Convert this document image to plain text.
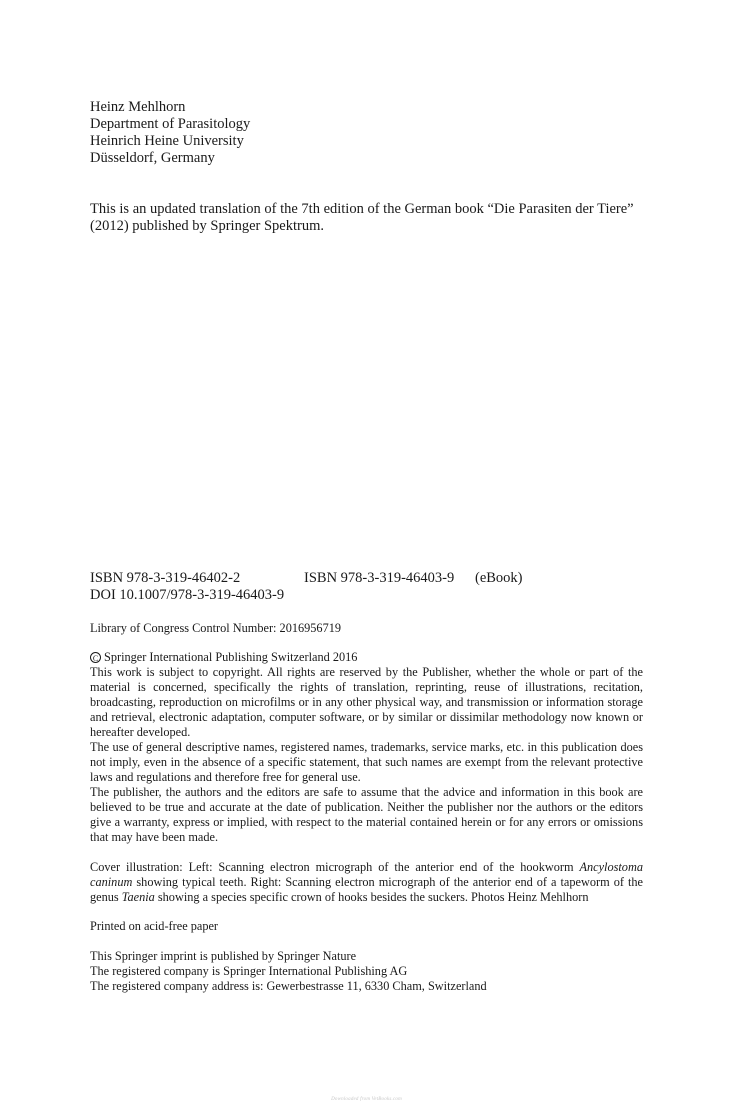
Heinz Mehlhorn
Department of Parasitology
Heinrich Heine University
Düsseldorf, Germany
This is an updated translation of the 7th edition of the German book “Die Parasiten der Tiere” (2012) published by Springer Spektrum.
ISBN 978-3-319-46402-2	ISBN 978-3-319-46403-9 (eBook)
DOI 10.1007/978-3-319-46403-9
Library of Congress Control Number: 2016956719
C Springer International Publishing Switzerland 2016
This work is subject to copyright. All rights are reserved by the Publisher, whether the whole or part of the material is concerned, specifically the rights of translation, reprinting, reuse of illustrations, recitation, broadcasting, reproduction on microfilms or in any other physical way, and transmission or information storage and retrieval, electronic adaptation, computer software, or by similar or dissimilar methodology now known or hereafter developed.
The use of general descriptive names, registered names, trademarks, service marks, etc. in this publication does not imply, even in the absence of a specific statement, that such names are exempt from the relevant protective laws and regulations and therefore free for general use.
The publisher, the authors and the editors are safe to assume that the advice and information in this book are believed to be true and accurate at the date of publication. Neither the publisher nor the authors or the editors give a warranty, express or implied, with respect to the material contained herein or for any errors or omissions that may have been made.
Cover illustration: Left: Scanning electron micrograph of the anterior end of the hookworm Ancylostoma caninum showing typical teeth. Right: Scanning electron micrograph of the anterior end of a tapeworm of the genus Taenia showing a species specific crown of hooks besides the suckers. Photos Heinz Mehlhorn
Printed on acid-free paper
This Springer imprint is published by Springer Nature
The registered company is Springer International Publishing AG
The registered company address is: Gewerbestrasse 11, 6330 Cham, Switzerland
Downloaded from VetBooks.com
